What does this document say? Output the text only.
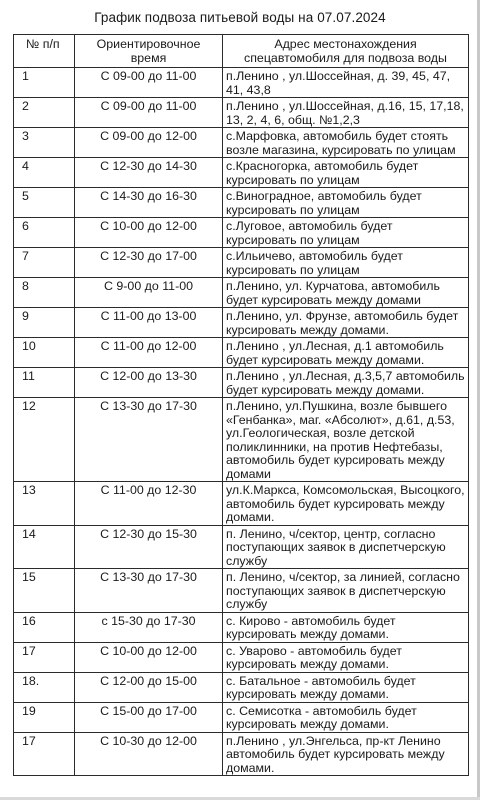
График подвоза питьевой воды на 07.07.2024
№ п/п	Ориентировочное время	Адрес местонахождения спецавтомобиля для подвоза воды
1	С 09-00 до 11-00	п.Ленино , ул.Шоссейная, д. 39, 45, 47, 41, 43,8
2	С 09-00 до 11-00	п.Ленино , ул.Шоссейная, д.16, 15, 17,18, 13, 2, 4, 6, общ. №1,2,3
3	С 09-00 до 12-00	с.Марфовка, автомобиль будет стоять возле магазина, курсировать по улицам
4	С 12-30 до 14-30	с.Красногорка, автомобиль будет курсировать по улицам
5	С 14-30 до 16-30	с.Виноградное, автомобиль будет курсировать по улицам
6	С 10-00 до 12-00	с.Луговое, автомобиль будет курсировать по улицам
7	С 12-30 до 17-00	с.Ильичево, автомобиль будет курсировать по улицам
8	С 9-00 до 11-00	п.Ленино, ул. Курчатова, автомобиль будет курсировать между домами
9	С 11-00 до 13-00	п.Ленино, ул. Фрунзе, автомобиль будет курсировать между домами.
10	С 11-00 до 12-00	п.Ленино , ул.Лесная, д.1 автомобиль будет курсировать между домами.
11	С 12-00 до 13-30	п.Ленино , ул.Лесная, д.3,5,7 автомобиль будет курсировать между домами.
12	С 13-30 до 17-30	п.Ленино, ул.Пушкина, возле бывшего «Генбанка», маг. «Абсолют», д.61, д.53, ул.Геологическая, возле детской поликлинники, на против Нефтебазы, автомобиль будет курсировать между домами
13	С 11-00 до 12-30	ул.К.Маркса, Комсомольская, Высоцкого, автомобиль будет курсировать между домами.
14	С 12-30 до 15-30	п. Ленино, ч/сектор, центр, согласно поступающих заявок в диспетчерскую службу
15	С 13-30 до 17-30	п. Ленино, ч/сектор, за линией, согласно поступающих заявок в диспетчерскую службу
16	с 15-30 до 17-30	с. Кирово - автомобиль будет курсировать между домами.
17	С 10-00 до 12-00	с. Уварово - автомобиль будет курсировать между домами.
18.	С 12-00 до 15-00	с. Батальное - автомобиль будет курсировать между домами.
19	С 15-00 до 17-00	с. Семисотка - автомобиль будет курсировать между домами.
17	С 10-30 до 12-00	п.Ленино , ул.Энгельса, пр-кт Ленино автомобиль будет курсировать между домами.
